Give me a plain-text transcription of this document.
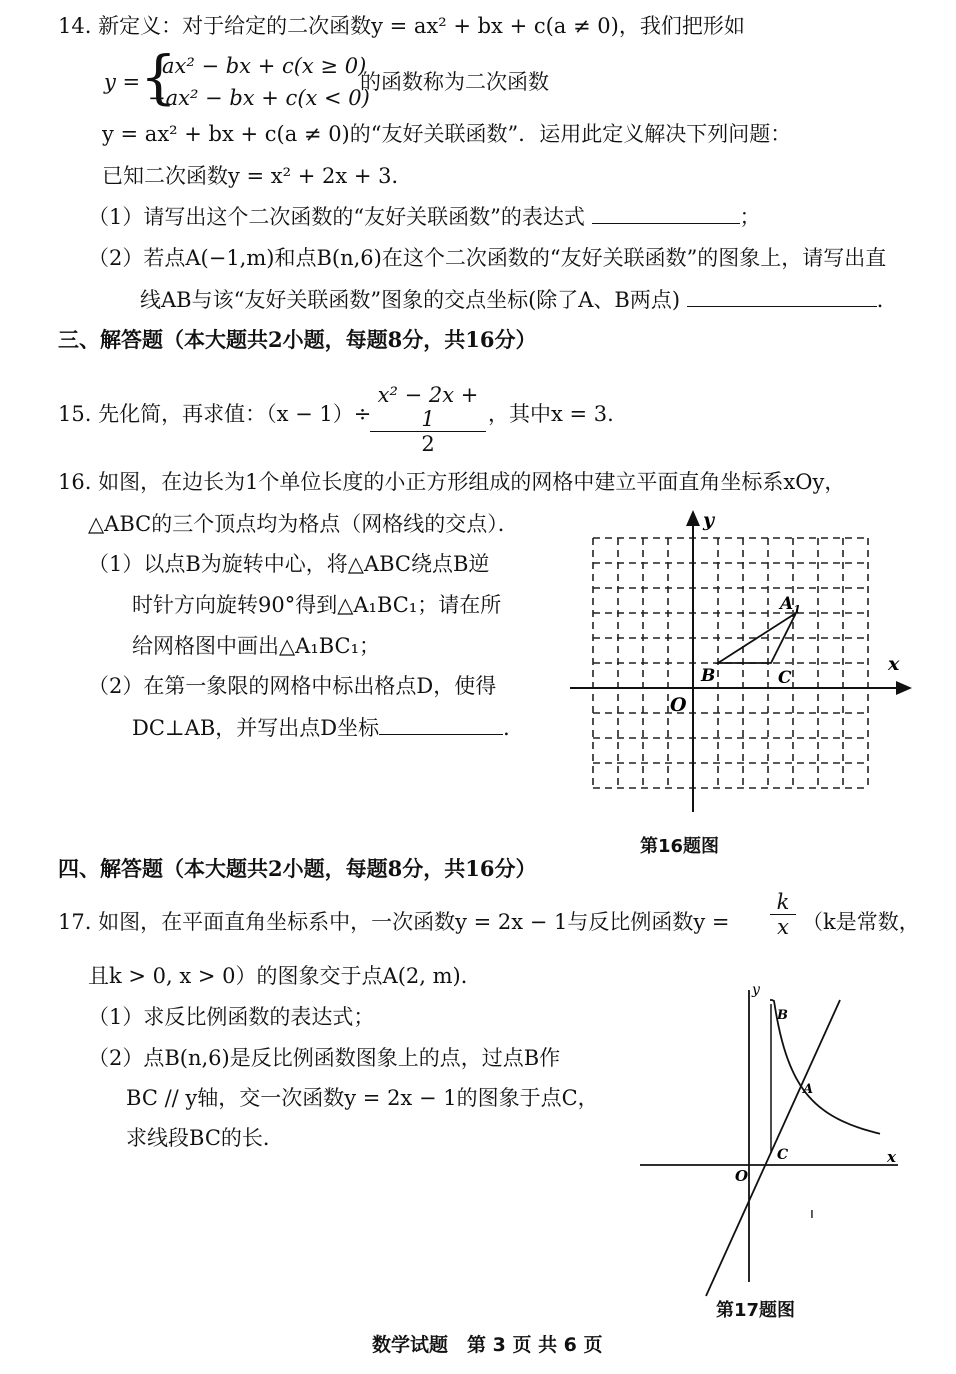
14. 新定义：对于给定的二次函数y = ax² + bx + c(a ≠ 0)，我们把形如
y = {
ax² − bx + c(x ≥ 0)
−ax² − bx + c(x < 0)
的函数称为二次函数
y = ax² + bx + c(a ≠ 0)的“友好关联函数”．运用此定义解决下列问题：
已知二次函数y = x² + 2x + 3．
（1）请写出这个二次函数的“友好关联函数”的表达式	；
（2）若点A(−1,m)和点B(n,6)在这个二次函数的“友好关联函数”的图象上，请写出直
线AB与该“友好关联函数”图象的交点坐标(除了A、B两点)	．
三、解答题（本大题共2小题，每题8分，共16分）
15. 先化简，再求值：（x − 1）÷
x² − 2x + 1
2
，其中x = 3.
16. 如图，在边长为1个单位长度的小正方形组成的网格中建立平面直角坐标系xOy，
△ABC的三个顶点均为格点（网格线的交点）．
（1）以点B为旋转中心，将△ABC绕点B逆
时针方向旋转90°得到△A₁BC₁；请在所
给网格图中画出△A₁BC₁；
（2）在第一象限的网格中标出格点D，使得
DC⊥AB，并写出点D坐标	．
y
x
O
$A_1$
B	C
第16题图
四、解答题（本大题共2小题，每题8分，共16分）
17. 如图，在平面直角坐标系中，一次函数y = 2x − 1与反比例函数y =
k
x （k是常数，
且k > 0, x > 0）的图象交于点A(2, m)．
（1）求反比例函数的表达式；
（2）点B(n,6)是反比例函数图象上的点，过点B作
BC // y轴，交一次函数y = 2x − 1的图象于点C，
求线段BC的长．
y
x
O
A
B
C
ı
第17题图
数学试题　第 3 页 共 6 页
